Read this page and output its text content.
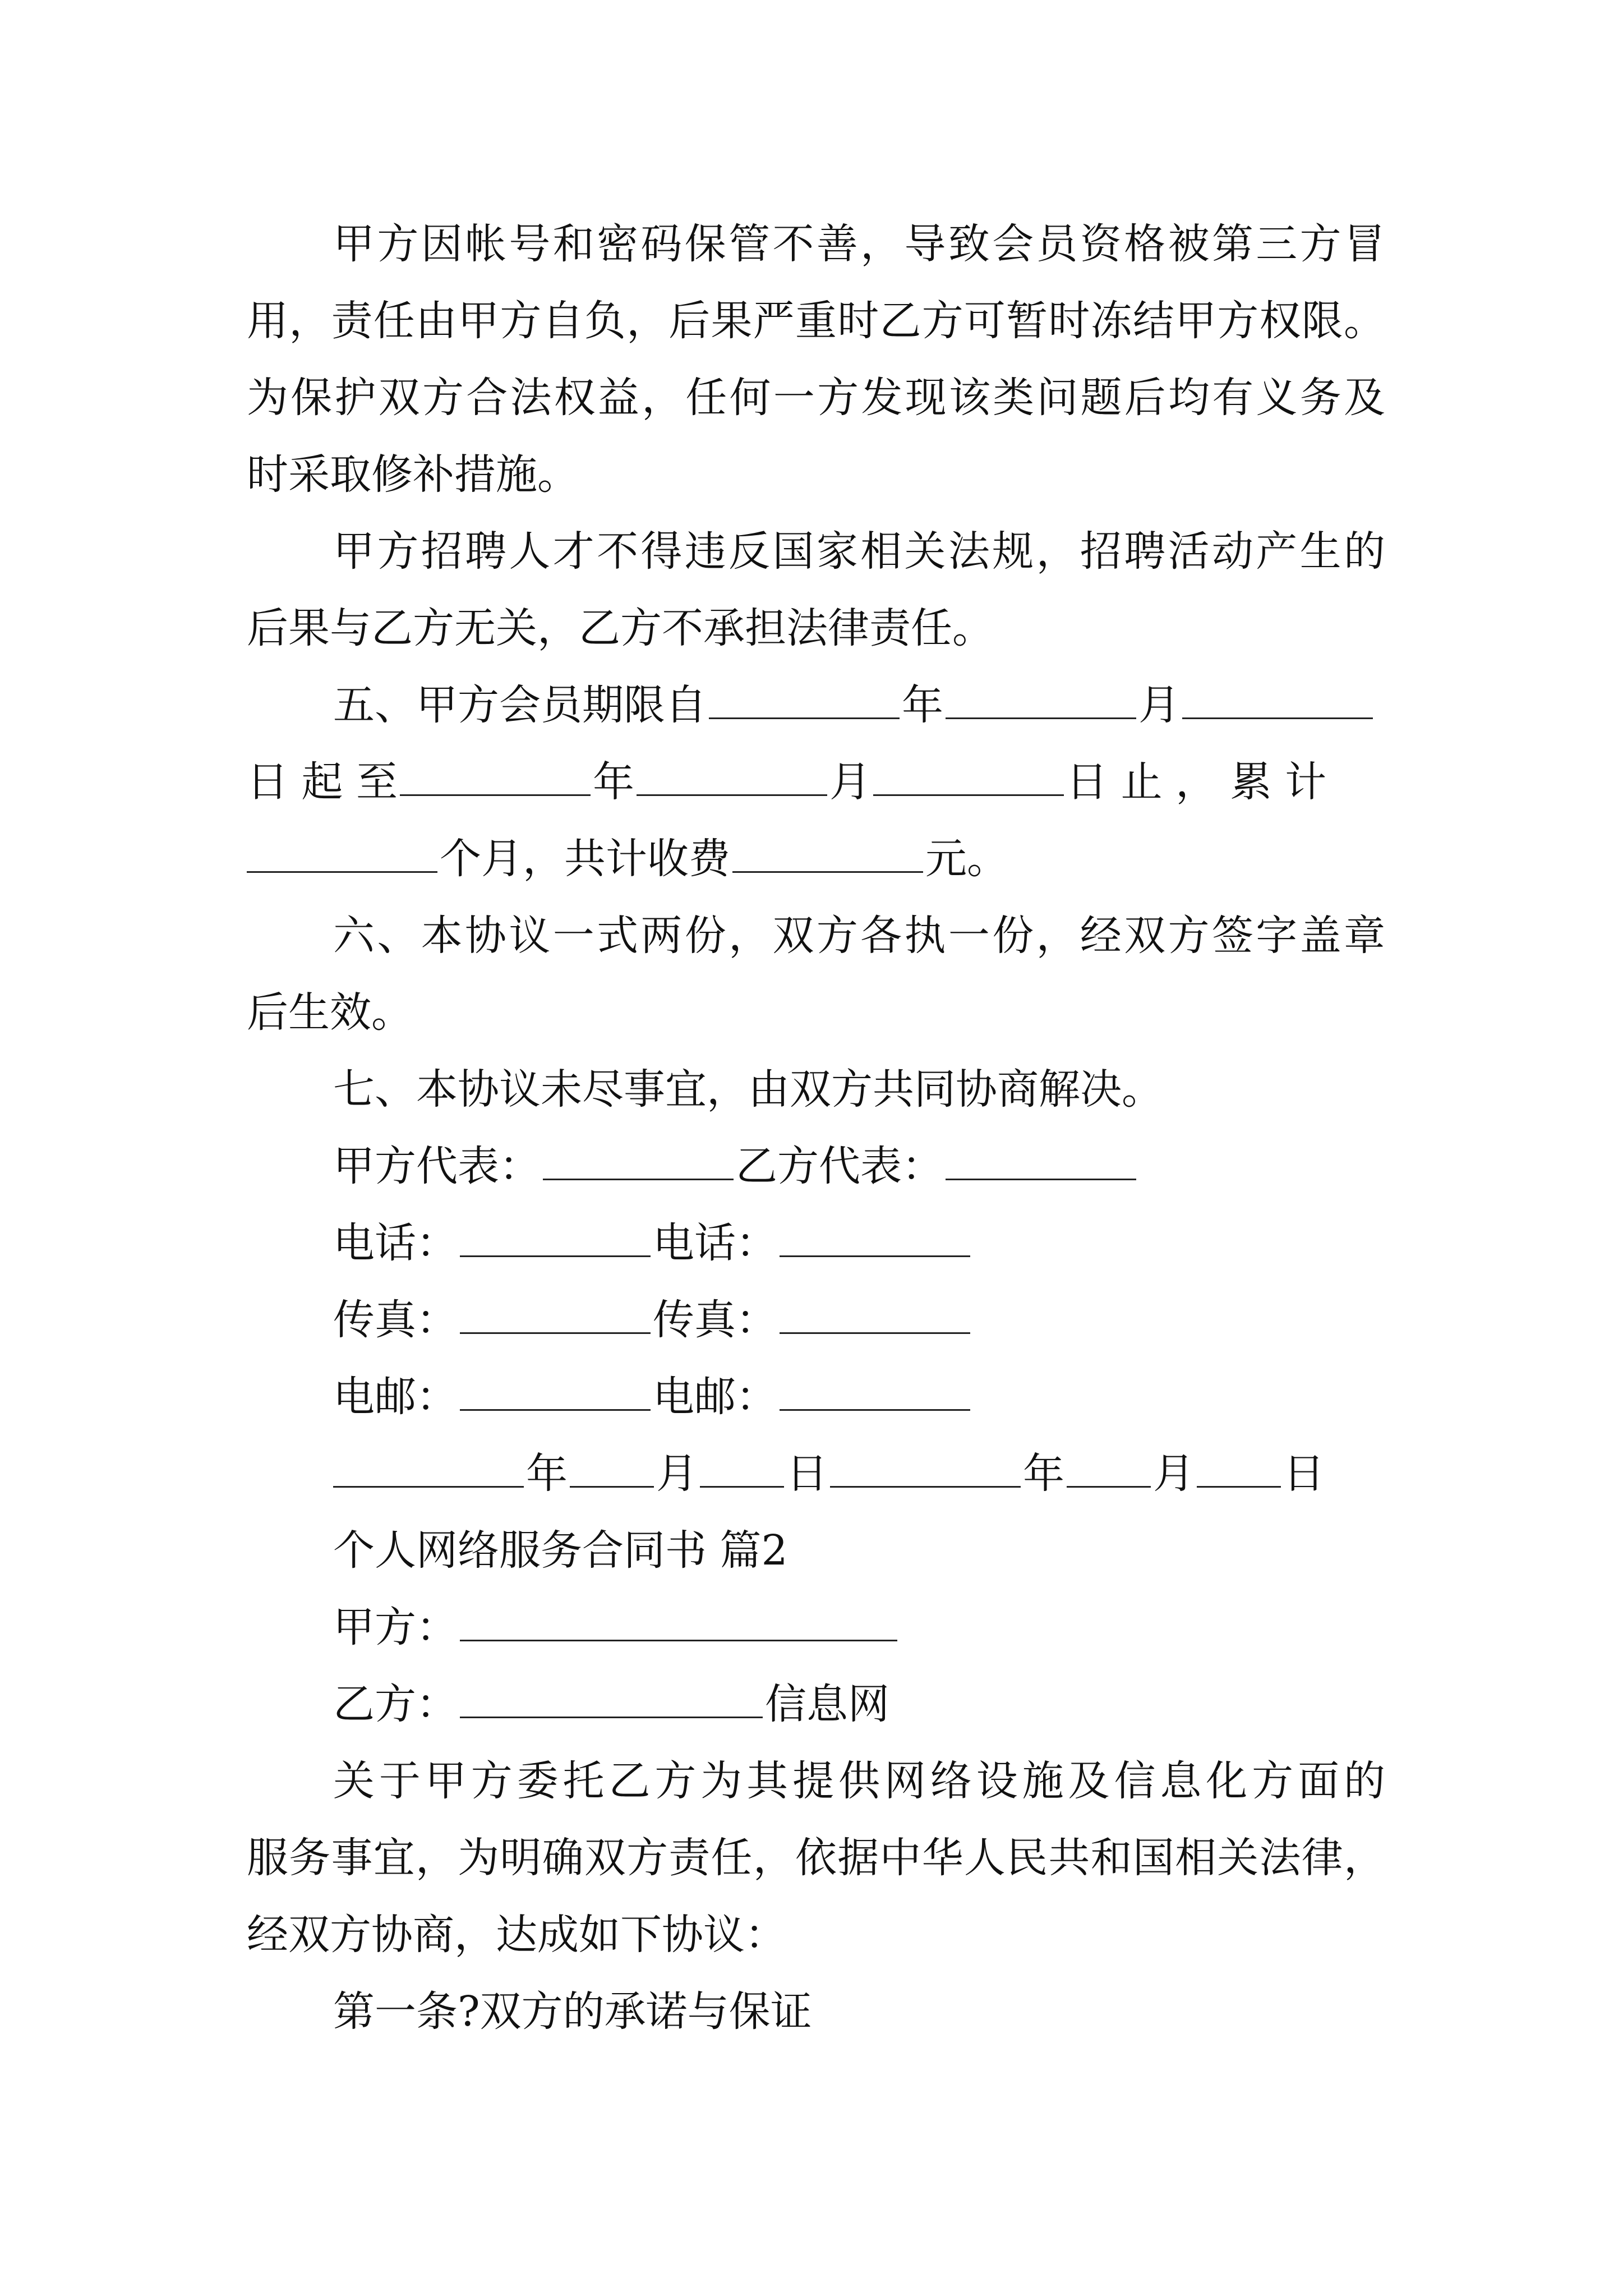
甲方因帐号和密码保管不善，导致会员资格被第三方冒
用，责任由甲方自负，后果严重时乙方可暂时冻结甲方权限。
为保护双方合法权益，任何一方发现该类问题后均有义务及
时采取修补措施。
甲方招聘人才不得违反国家相关法规，招聘活动产生的
后果与乙方无关，乙方不承担法律责任。
五、甲方会员期限自	年	月
日 起 至	年	月	日 止 ， 累 计
个月，共计收费	元。
六、本协议一式两份，双方各执一份，经双方签字盖章
后生效。
七、本协议未尽事宜，由双方共同协商解决。
甲方代表：	乙方代表：
电话：	电话：
传真：	传真：
电邮：	电邮：
年 月 日	年 月 日
个人网络服务合同书 篇2
甲方：
乙方：	信息网
关于甲方委托乙方为其提供网络设施及信息化方面的
服务事宜，为明确双方责任，依据中华人民共和国相关法律，
经双方协商，达成如下协议：
第一条?双方的承诺与保证
